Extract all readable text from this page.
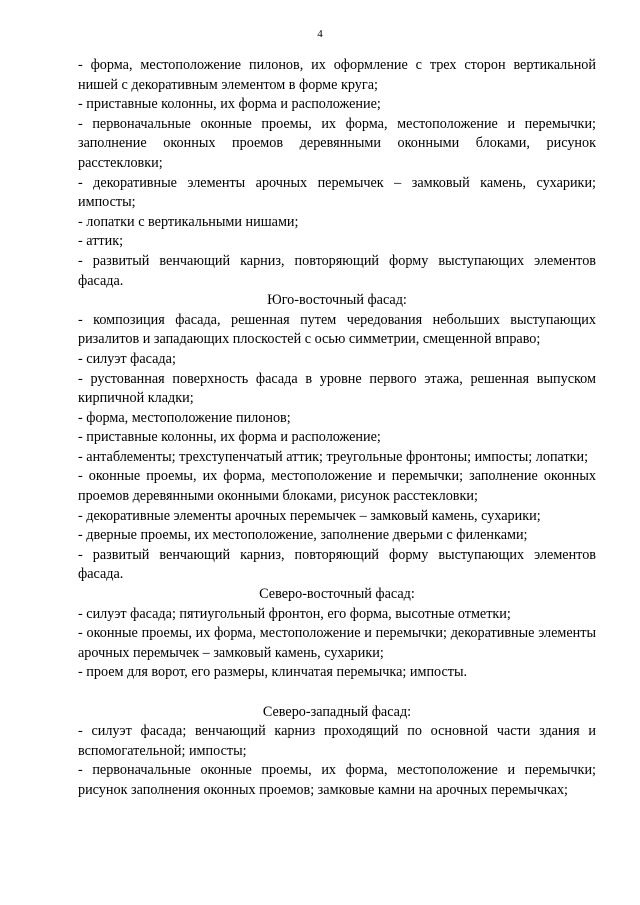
4

- форма, местоположение пилонов, их оформление с трех сторон вертикальной нишей с декоративным элементом в форме круга;

- приставные колонны, их форма и расположение;

- первоначальные оконные проемы, их форма, местоположение и перемычки; заполнение оконных проемов деревянными оконными блоками, рисунок расстекловки;

- декоративные элементы арочных перемычек – замковый камень, сухарики; импосты;

- лопатки с вертикальными нишами;

- аттик;

- развитый венчающий карниз, повторяющий форму выступающих элементов фасада.

Юго-восточный фасад:

- композиция фасада, решенная путем чередования небольших выступающих ризалитов и западающих плоскостей с осью симметрии, смещенной вправо;

- силуэт фасада;

- рустованная поверхность фасада в уровне первого этажа, решенная выпуском кирпичной кладки;

- форма, местоположение пилонов;

- приставные колонны, их форма и расположение;

- антаблементы; трехступенчатый аттик; треугольные фронтоны; импосты; лопатки;

- оконные проемы, их форма, местоположение и перемычки; заполнение оконных проемов деревянными оконными блоками, рисунок расстекловки;

- декоративные элементы арочных перемычек – замковый камень, сухарики;

- дверные проемы, их местоположение, заполнение дверьми с филенками;

- развитый венчающий карниз, повторяющий форму выступающих элементов фасада.

Северо-восточный фасад:

- силуэт фасада; пятиугольный фронтон, его форма, высотные отметки;

- оконные проемы, их форма, местоположение и перемычки; декоративные элементы арочных перемычек – замковый камень, сухарики;

- проем для ворот, его размеры, клинчатая перемычка; импосты.

Северо-западный фасад:

- силуэт фасада; венчающий карниз проходящий по основной части здания и вспомогательной; импосты;

- первоначальные оконные проемы, их форма, местоположение и перемычки; рисунок заполнения оконных проемов; замковые камни на арочных перемычках;
